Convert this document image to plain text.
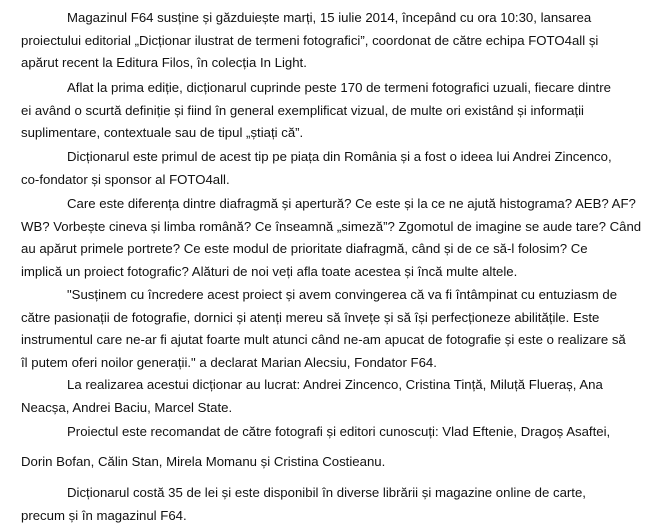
Magazinul F64 susține și găzduiește marți, 15 iulie 2014, începând cu ora 10:30, lansarea
proiectului editorial „Dicționar ilustrat de termeni fotografici”, coordonat de către echipa FOTO4all și
apărut recent la Editura Filos, în colecția In Light.

Aflat la prima ediție, dicționarul cuprinde peste 170 de termeni fotografici uzuali, fiecare dintre
ei având o scurtă definiție și fiind în general exemplificat vizual, de multe ori existând și informații
suplimentare, contextuale sau de tipul „știați că”.

Dicționarul este primul de acest tip pe piața din România și a fost o ideea lui Andrei Zincenco,
co-fondator și sponsor al FOTO4all.

Care este diferența dintre diafragmă și apertură? Ce este și la ce ne ajută histograma? AEB? AF?
WB? Vorbește cineva și limba română? Ce înseamnă „simeză”? Zgomotul de imagine se aude tare? Când
au apărut primele portrete? Ce este modul de prioritate diafragmă, când și de ce să-l folosim? Ce
implică un proiect fotografic? Alături de noi veți afla toate acestea și încă multe altele.

"Susținem cu încredere acest proiect și avem convingerea că va fi întâmpinat cu entuziasm de
către pasionații de fotografie, dornici și atenți mereu să învețe și să își perfecționeze abilitățile. Este
instrumentul care ne-ar fi ajutat foarte mult atunci când ne-am apucat de fotografie și este o realizare să
îl putem oferi noilor generații." a declarat Marian Alecsiu, Fondator F64.

La realizarea acestui dicționar au lucrat: Andrei Zincenco, Cristina Tință, Miluță Flueraș, Ana
Neacșa, Andrei Baciu, Marcel State.

Proiectul este recomandat de către fotografi și editori cunoscuți: Vlad Eftenie, Dragoș Asaftei,

Dorin Bofan, Călin Stan, Mirela Momanu și Cristina Costieanu.

Dicționarul costă 35 de lei și este disponibil în diverse librării și magazine online de carte,
precum și în magazinul F64.
